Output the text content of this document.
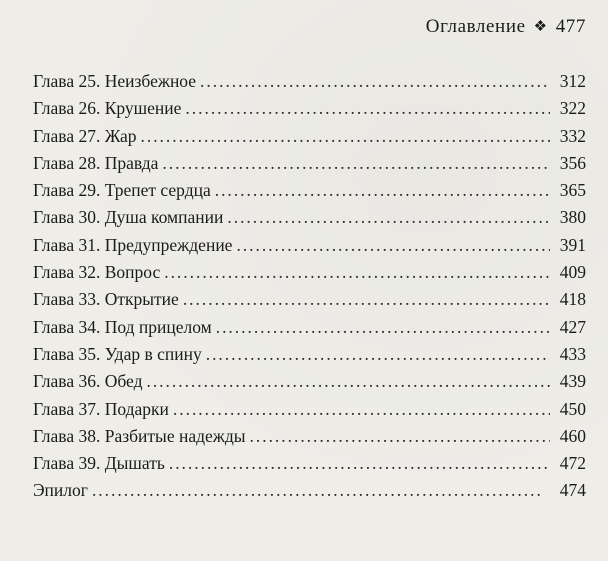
Оглавление ❖ 477
Глава 25. Неизбежное . . .	312
Глава 26. Крушение . . .	322
Глава 27. Жар . . .	332
Глава 28. Правда . . .	356
Глава 29. Трепет сердца . . .	365
Глава 30. Душа компании . . .	380
Глава 31. Предупреждение . . .	391
Глава 32. Вопрос . . .	409
Глава 33. Открытие . . .	418
Глава 34. Под прицелом . . .	427
Глава 35. Удар в спину . . .	433
Глава 36. Обед . . .	439
Глава 37. Подарки . . .	450
Глава 38. Разбитые надежды . . .	460
Глава 39. Дышать . . .	472
Эпилог . . .	474
